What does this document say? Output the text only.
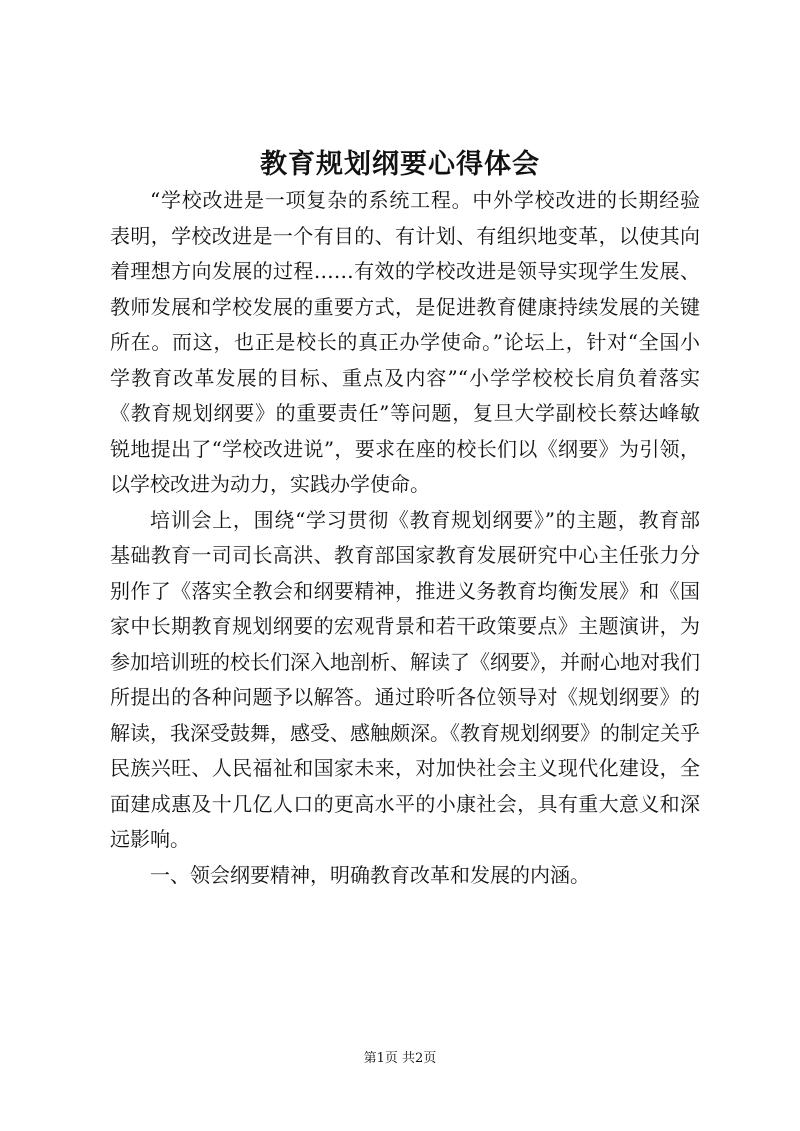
教育规划纲要心得体会

“学校改进是一项复杂的系统工程。中外学校改进的长期经验表明，学校改进是一个有目的、有计划、有组织地变革，以使其向着理想方向发展的过程……有效的学校改进是领导实现学生发展、教师发展和学校发展的重要方式，是促进教育健康持续发展的关键所在。而这，也正是校长的真正办学使命。”论坛上，针对“全国小学教育改革发展的目标、重点及内容”“小学学校校长肩负着落实《教育规划纲要》的重要责任”等问题，复旦大学副校长蔡达峰敏锐地提出了“学校改进说”，要求在座的校长们以《纲要》为引领，以学校改进为动力，实践办学使命。

培训会上，围绕“学习贯彻《教育规划纲要》”的主题，教育部基础教育一司司长高洪、教育部国家教育发展研究中心主任张力分别作了《落实全教会和纲要精神，推进义务教育均衡发展》和《国家中长期教育规划纲要的宏观背景和若干政策要点》主题演讲，为参加培训班的校长们深入地剖析、解读了《纲要》，并耐心地对我们所提出的各种问题予以解答。通过聆听各位领导对《规划纲要》的解读，我深受鼓舞，感受、感触颇深。《教育规划纲要》的制定关乎民族兴旺、人民福祉和国家未来，对加快社会主义现代化建设，全面建成惠及十几亿人口的更高水平的小康社会，具有重大意义和深远影响。

一、领会纲要精神，明确教育改革和发展的内涵。

第1页 共2页
